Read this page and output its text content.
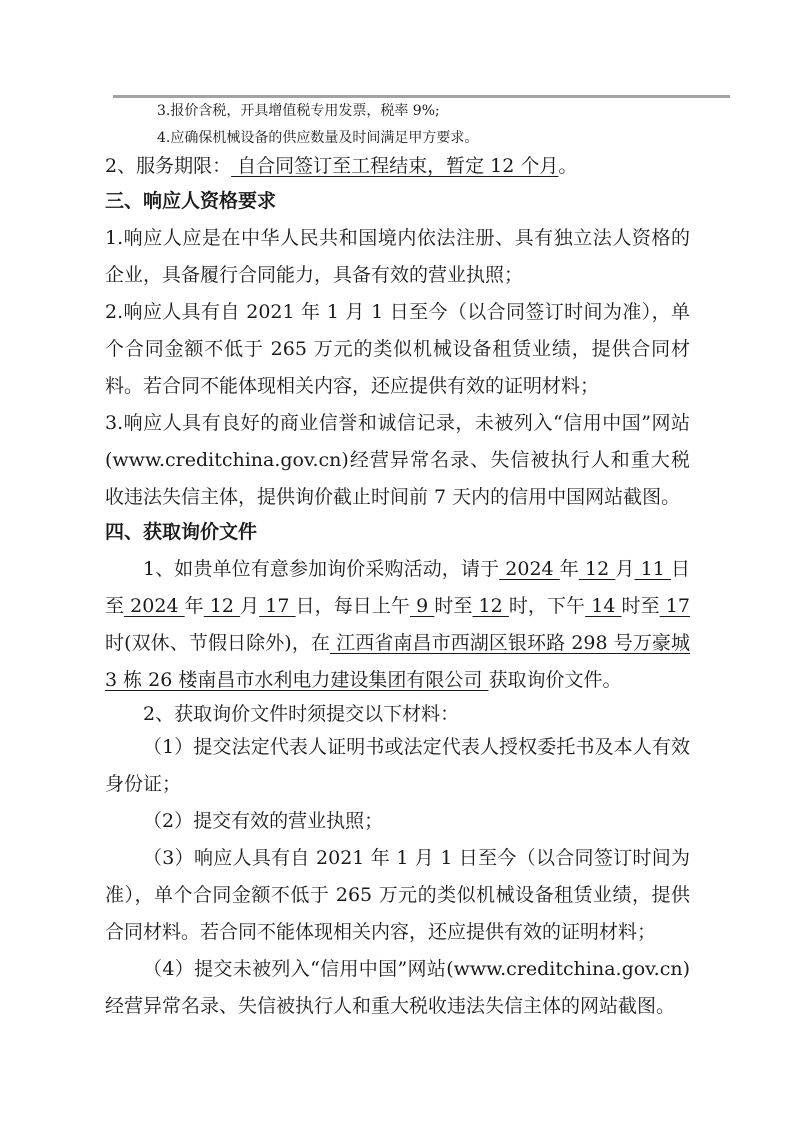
3.报价含税，开具增值税专用发票，税率 9%;

4.应确保机械设备的供应数量及时间满足甲方要求。

2、服务期限： 自合同签订至工程结束，暂定 12 个月。

三、响应人资格要求

1.响应人应是在中华人民共和国境内依法注册、具有独立法人资格的企业，具备履行合同能力，具备有效的营业执照；

2.响应人具有自 2021 年 1 月 1 日至今（以合同签订时间为准），单个合同金额不低于 265 万元的类似机械设备租赁业绩，提供合同材料。若合同不能体现相关内容，还应提供有效的证明材料；

3.响应人具有良好的商业信誉和诚信记录，未被列入“信用中国”网站(www.creditchina.gov.cn)经营异常名录、失信被执行人和重大税收违法失信主体，提供询价截止时间前 7 天内的信用中国网站截图。

四、获取询价文件

1、如贵单位有意参加询价采购活动，请于 2024 年 12 月 11 日至 2024 年 12 月 17 日，每日上午 9 时至 12 时，下午 14 时至 17 时(双休、节假日除外)，在 江西省南昌市西湖区银环路 298 号万豪城 3 栋 26 楼南昌市水利电力建设集团有限公司 获取询价文件。

2、获取询价文件时须提交以下材料：

（1）提交法定代表人证明书或法定代表人授权委托书及本人有效身份证；

（2）提交有效的营业执照；

（3）响应人具有自 2021 年 1 月 1 日至今（以合同签订时间为准），单个合同金额不低于 265 万元的类似机械设备租赁业绩，提供合同材料。若合同不能体现相关内容，还应提供有效的证明材料；

（4）提交未被列入“信用中国”网站(www.creditchina.gov.cn)经营异常名录、失信被执行人和重大税收违法失信主体的网站截图。
